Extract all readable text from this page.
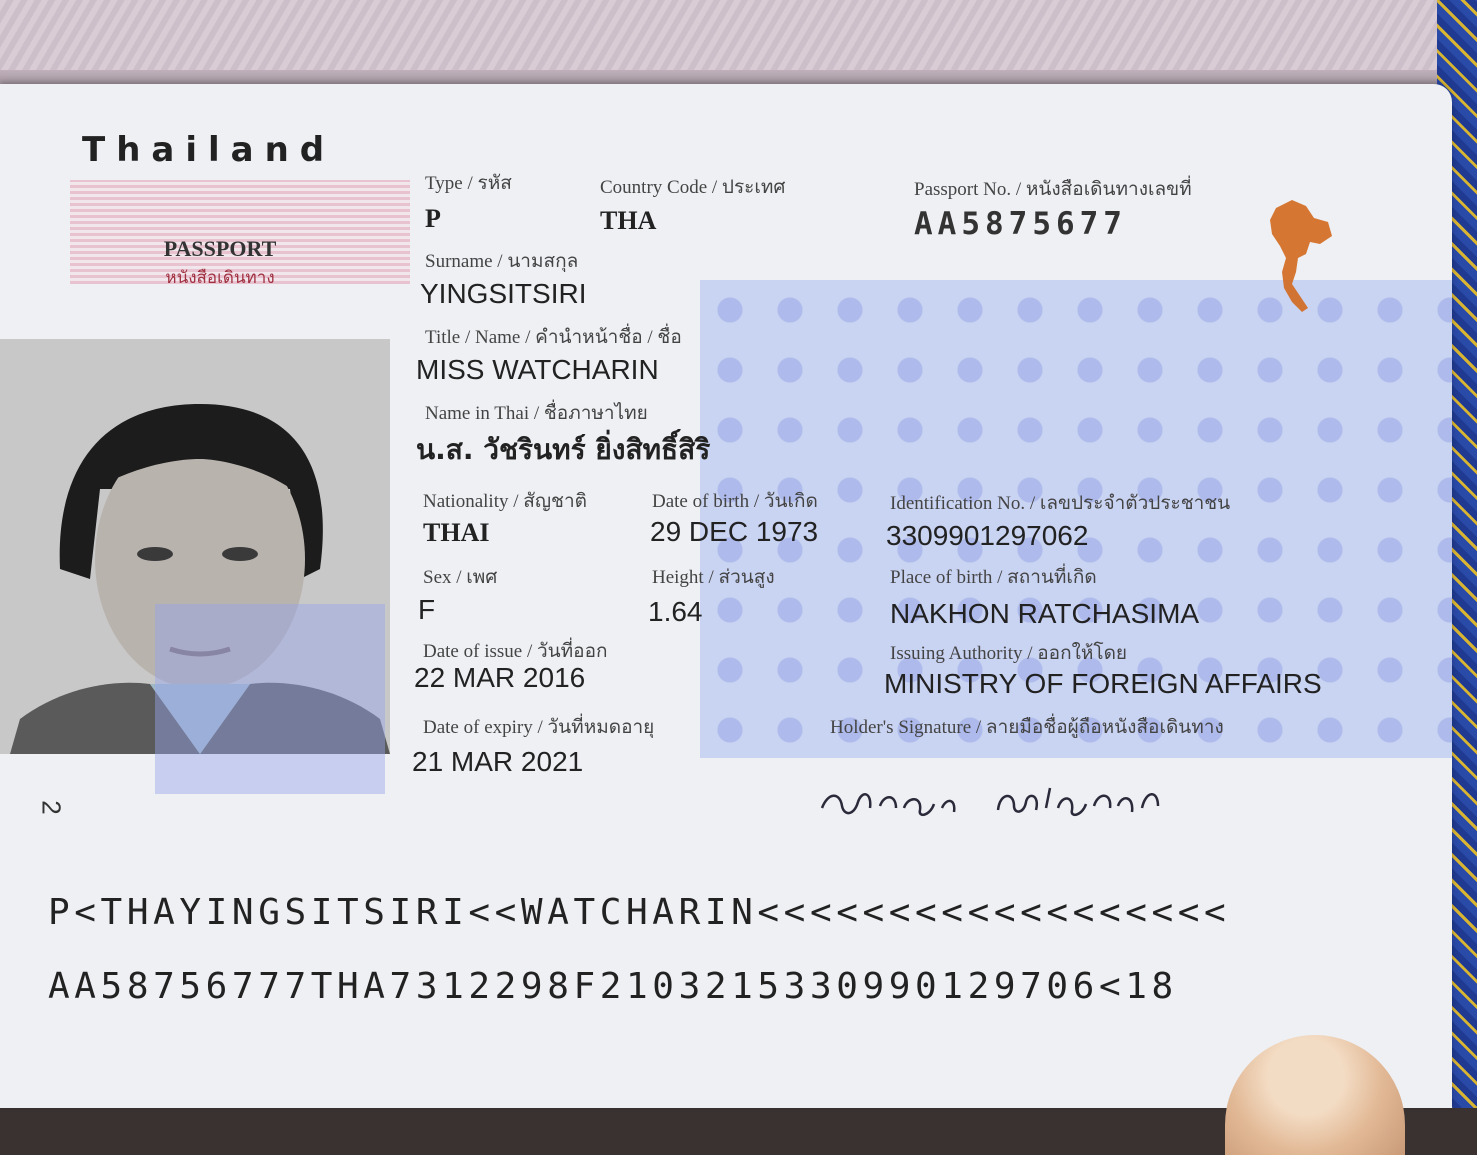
Thailand
PASSPORT
หนังสือเดินทาง
Type / รหัส
P
Country Code / ประเทศ
THA
Passport No. / หนังสือเดินทางเลขที่
AA5875677
Surname / นามสกุล
YINGSITSIRI
Title / Name / คำนำหน้าชื่อ / ชื่อ
MISS WATCHARIN
Name in Thai / ชื่อภาษาไทย
น.ส. วัชรินทร์ ยิ่งสิทธิ์สิริ
Nationality / สัญชาติ
THAI
Date of birth / วันเกิด
29 DEC 1973
Identification No. / เลขประจำตัวประชาชน
3309901297062
Sex / เพศ
F
Height / ส่วนสูง
1.64
Place of birth / สถานที่เกิด
NAKHON RATCHASIMA
Date of issue / วันที่ออก
22 MAR 2016
Issuing Authority / ออกให้โดย
MINISTRY OF FOREIGN AFFAIRS
Date of expiry / วันที่หมดอายุ
21 MAR 2021
Holder's Signature / ลายมือชื่อผู้ถือหนังสือเดินทาง
2
P<THAYINGSITSIRI<<WATCHARIN<<<<<<<<<<<<<<<<<<
AA58756777THA7312298F2103215330990129706<18
